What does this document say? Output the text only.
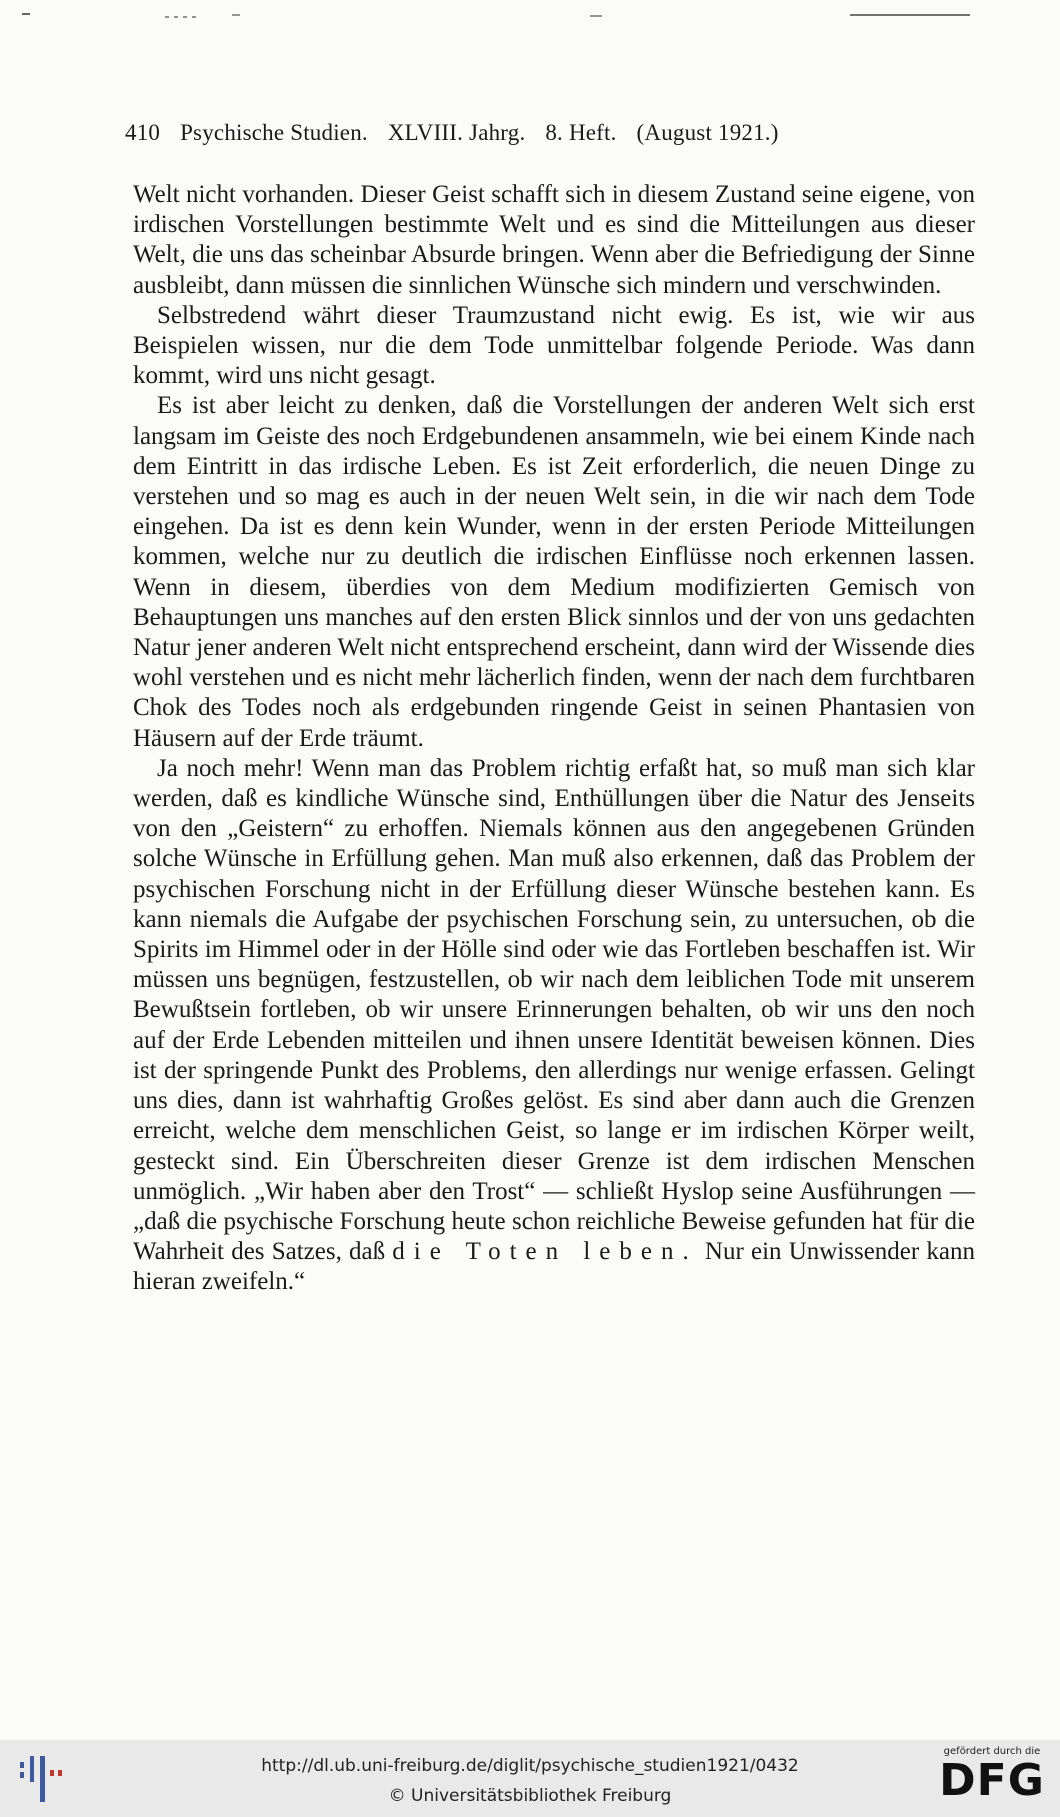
410 Psychische Studien. XLVIII. Jahrg. 8. Heft. (August 1921.)

Welt nicht vorhanden. Dieser Geist schafft sich in diesem Zustand seine eigene, von irdischen Vorstellungen bestimmte Welt und es sind die Mitteilungen aus dieser Welt, die uns das scheinbar Absurde bringen. Wenn aber die Befriedigung der Sinne ausbleibt, dann müssen die sinnlichen Wünsche sich mindern und verschwinden.

Selbstredend währt dieser Traumzustand nicht ewig. Es ist, wie wir aus Beispielen wissen, nur die dem Tode unmittelbar folgende Periode. Was dann kommt, wird uns nicht gesagt.

Es ist aber leicht zu denken, daß die Vorstellungen der anderen Welt sich erst langsam im Geiste des noch Erdgebundenen ansammeln, wie bei einem Kinde nach dem Eintritt in das irdische Leben. Es ist Zeit erforderlich, die neuen Dinge zu verstehen und so mag es auch in der neuen Welt sein, in die wir nach dem Tode eingehen. Da ist es denn kein Wunder, wenn in der ersten Periode Mitteilungen kommen, welche nur zu deutlich die irdischen Einflüsse noch erkennen lassen. Wenn in diesem, überdies von dem Medium modifizierten Gemisch von Behauptungen uns manches auf den ersten Blick sinnlos und der von uns gedachten Natur jener anderen Welt nicht entsprechend erscheint, dann wird der Wissende dies wohl verstehen und es nicht mehr lächerlich finden, wenn der nach dem furchtbaren Chok des Todes noch als erdgebunden ringende Geist in seinen Phantasien von Häusern auf der Erde träumt.

Ja noch mehr! Wenn man das Problem richtig erfaßt hat, so muß man sich klar werden, daß es kindliche Wünsche sind, Enthüllungen über die Natur des Jenseits von den „Geistern“ zu erhoffen. Niemals können aus den angegebenen Gründen solche Wünsche in Erfüllung gehen. Man muß also erkennen, daß das Problem der psychischen Forschung nicht in der Erfüllung dieser Wünsche bestehen kann. Es kann niemals die Aufgabe der psychischen Forschung sein, zu untersuchen, ob die Spirits im Himmel oder in der Hölle sind oder wie das Fortleben beschaffen ist. Wir müssen uns begnügen, festzustellen, ob wir nach dem leiblichen Tode mit unserem Bewußtsein fortleben, ob wir unsere Erinnerungen behalten, ob wir uns den noch auf der Erde Lebenden mitteilen und ihnen unsere Identität beweisen können. Dies ist der springende Punkt des Problems, den allerdings nur wenige erfassen. Gelingt uns dies, dann ist wahrhaftig Großes gelöst. Es sind aber dann auch die Grenzen erreicht, welche dem menschlichen Geist, so lange er im irdischen Körper weilt, gesteckt sind. Ein Überschreiten dieser Grenze ist dem irdischen Menschen unmöglich. „Wir haben aber den Trost“ — schließt Hyslop seine Ausführungen — „daß die psychische Forschung heute schon reichliche Beweise gefunden hat für die Wahrheit des Satzes, daß die Toten leben. Nur ein Unwissender kann hieran zweifeln.“

http://dl.ub.uni-freiburg.de/diglit/psychische_studien1921/0432
© Universitätsbibliothek Freiburg
gefördert durch die
DFG
